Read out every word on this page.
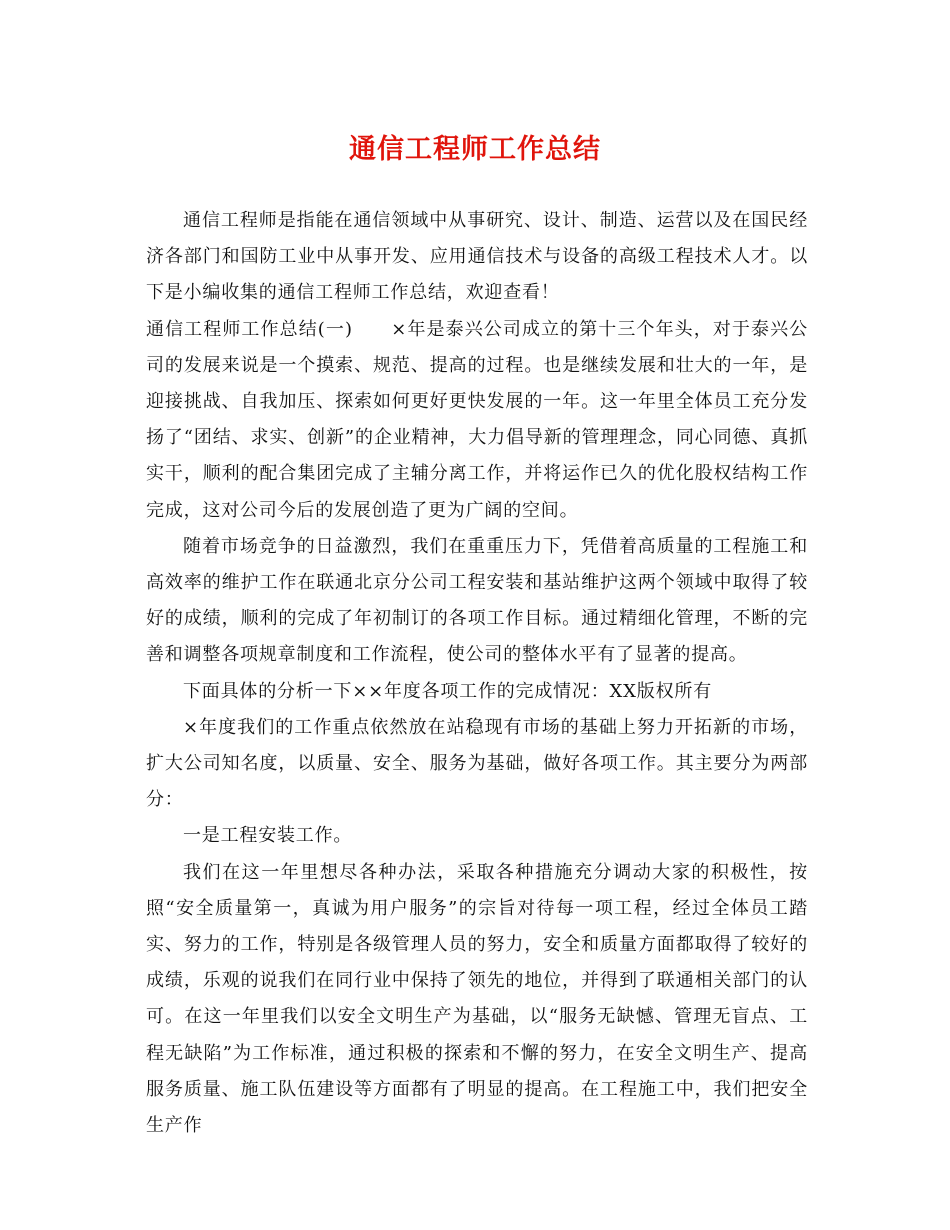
通信工程师工作总结

通信工程师是指能在通信领域中从事研究、设计、制造、运营以及在国民经济各部门和国防工业中从事开发、应用通信技术与设备的高级工程技术人才。以下是小编收集的通信工程师工作总结，欢迎查看！

通信工程师工作总结(一)　　×年是泰兴公司成立的第十三个年头，对于泰兴公司的发展来说是一个摸索、规范、提高的过程。也是继续发展和壮大的一年，是迎接挑战、自我加压、探索如何更好更快发展的一年。这一年里全体员工充分发扬了“团结、求实、创新”的企业精神，大力倡导新的管理理念，同心同德、真抓实干，顺利的配合集团完成了主辅分离工作，并将运作已久的优化股权结构工作完成，这对公司今后的发展创造了更为广阔的空间。

随着市场竞争的日益激烈，我们在重重压力下，凭借着高质量的工程施工和高效率的维护工作在联通北京分公司工程安装和基站维护这两个领域中取得了较好的成绩，顺利的完成了年初制订的各项工作目标。通过精细化管理，不断的完善和调整各项规章制度和工作流程，使公司的整体水平有了显著的提高。

下面具体的分析一下××年度各项工作的完成情况：XX版权所有

×年度我们的工作重点依然放在站稳现有市场的基础上努力开拓新的市场，扩大公司知名度，以质量、安全、服务为基础，做好各项工作。其主要分为两部分：

一是工程安装工作。

我们在这一年里想尽各种办法，采取各种措施充分调动大家的积极性，按照“安全质量第一，真诚为用户服务”的宗旨对待每一项工程，经过全体员工踏实、努力的工作，特别是各级管理人员的努力，安全和质量方面都取得了较好的成绩，乐观的说我们在同行业中保持了领先的地位，并得到了联通相关部门的认可。在这一年里我们以安全文明生产为基础，以“服务无缺憾、管理无盲点、工程无缺陷”为工作标准，通过积极的探索和不懈的努力，在安全文明生产、提高服务质量、施工队伍建设等方面都有了明显的提高。在工程施工中，我们把安全生产作
